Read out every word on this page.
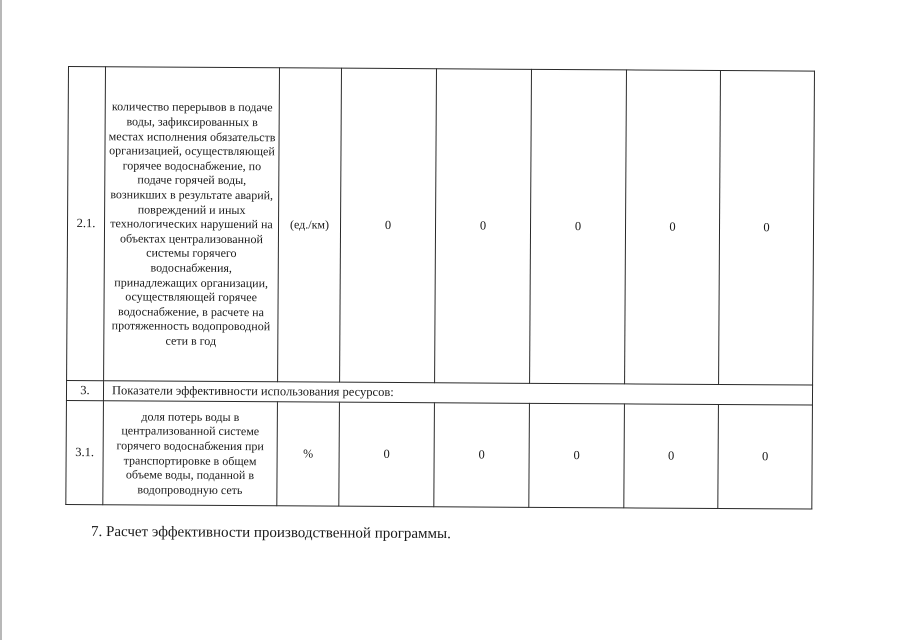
2.1.	количество перерывов в подаче воды, зафиксированных в местах исполнения обязательств организацией, осуществляющей горячее водоснабжение, по подаче горячей воды, возникших в результате аварий, повреждений и иных технологических нарушений на объектах централизованной системы горячего водоснабжения, принадлежащих организации, осуществляющей горячее водоснабжение, в расчете на протяженность водопроводной сети в год	(ед./км)	0	0	0	0	0
3.	Показатели эффективности использования ресурсов:						
3.1.	доля потерь воды в централизованной системе горячего водоснабжения при транспортировке в общем объеме воды, поданной в водопроводную сеть	%	0	0	0	0	0
7. Расчет эффективности производственной программы.
